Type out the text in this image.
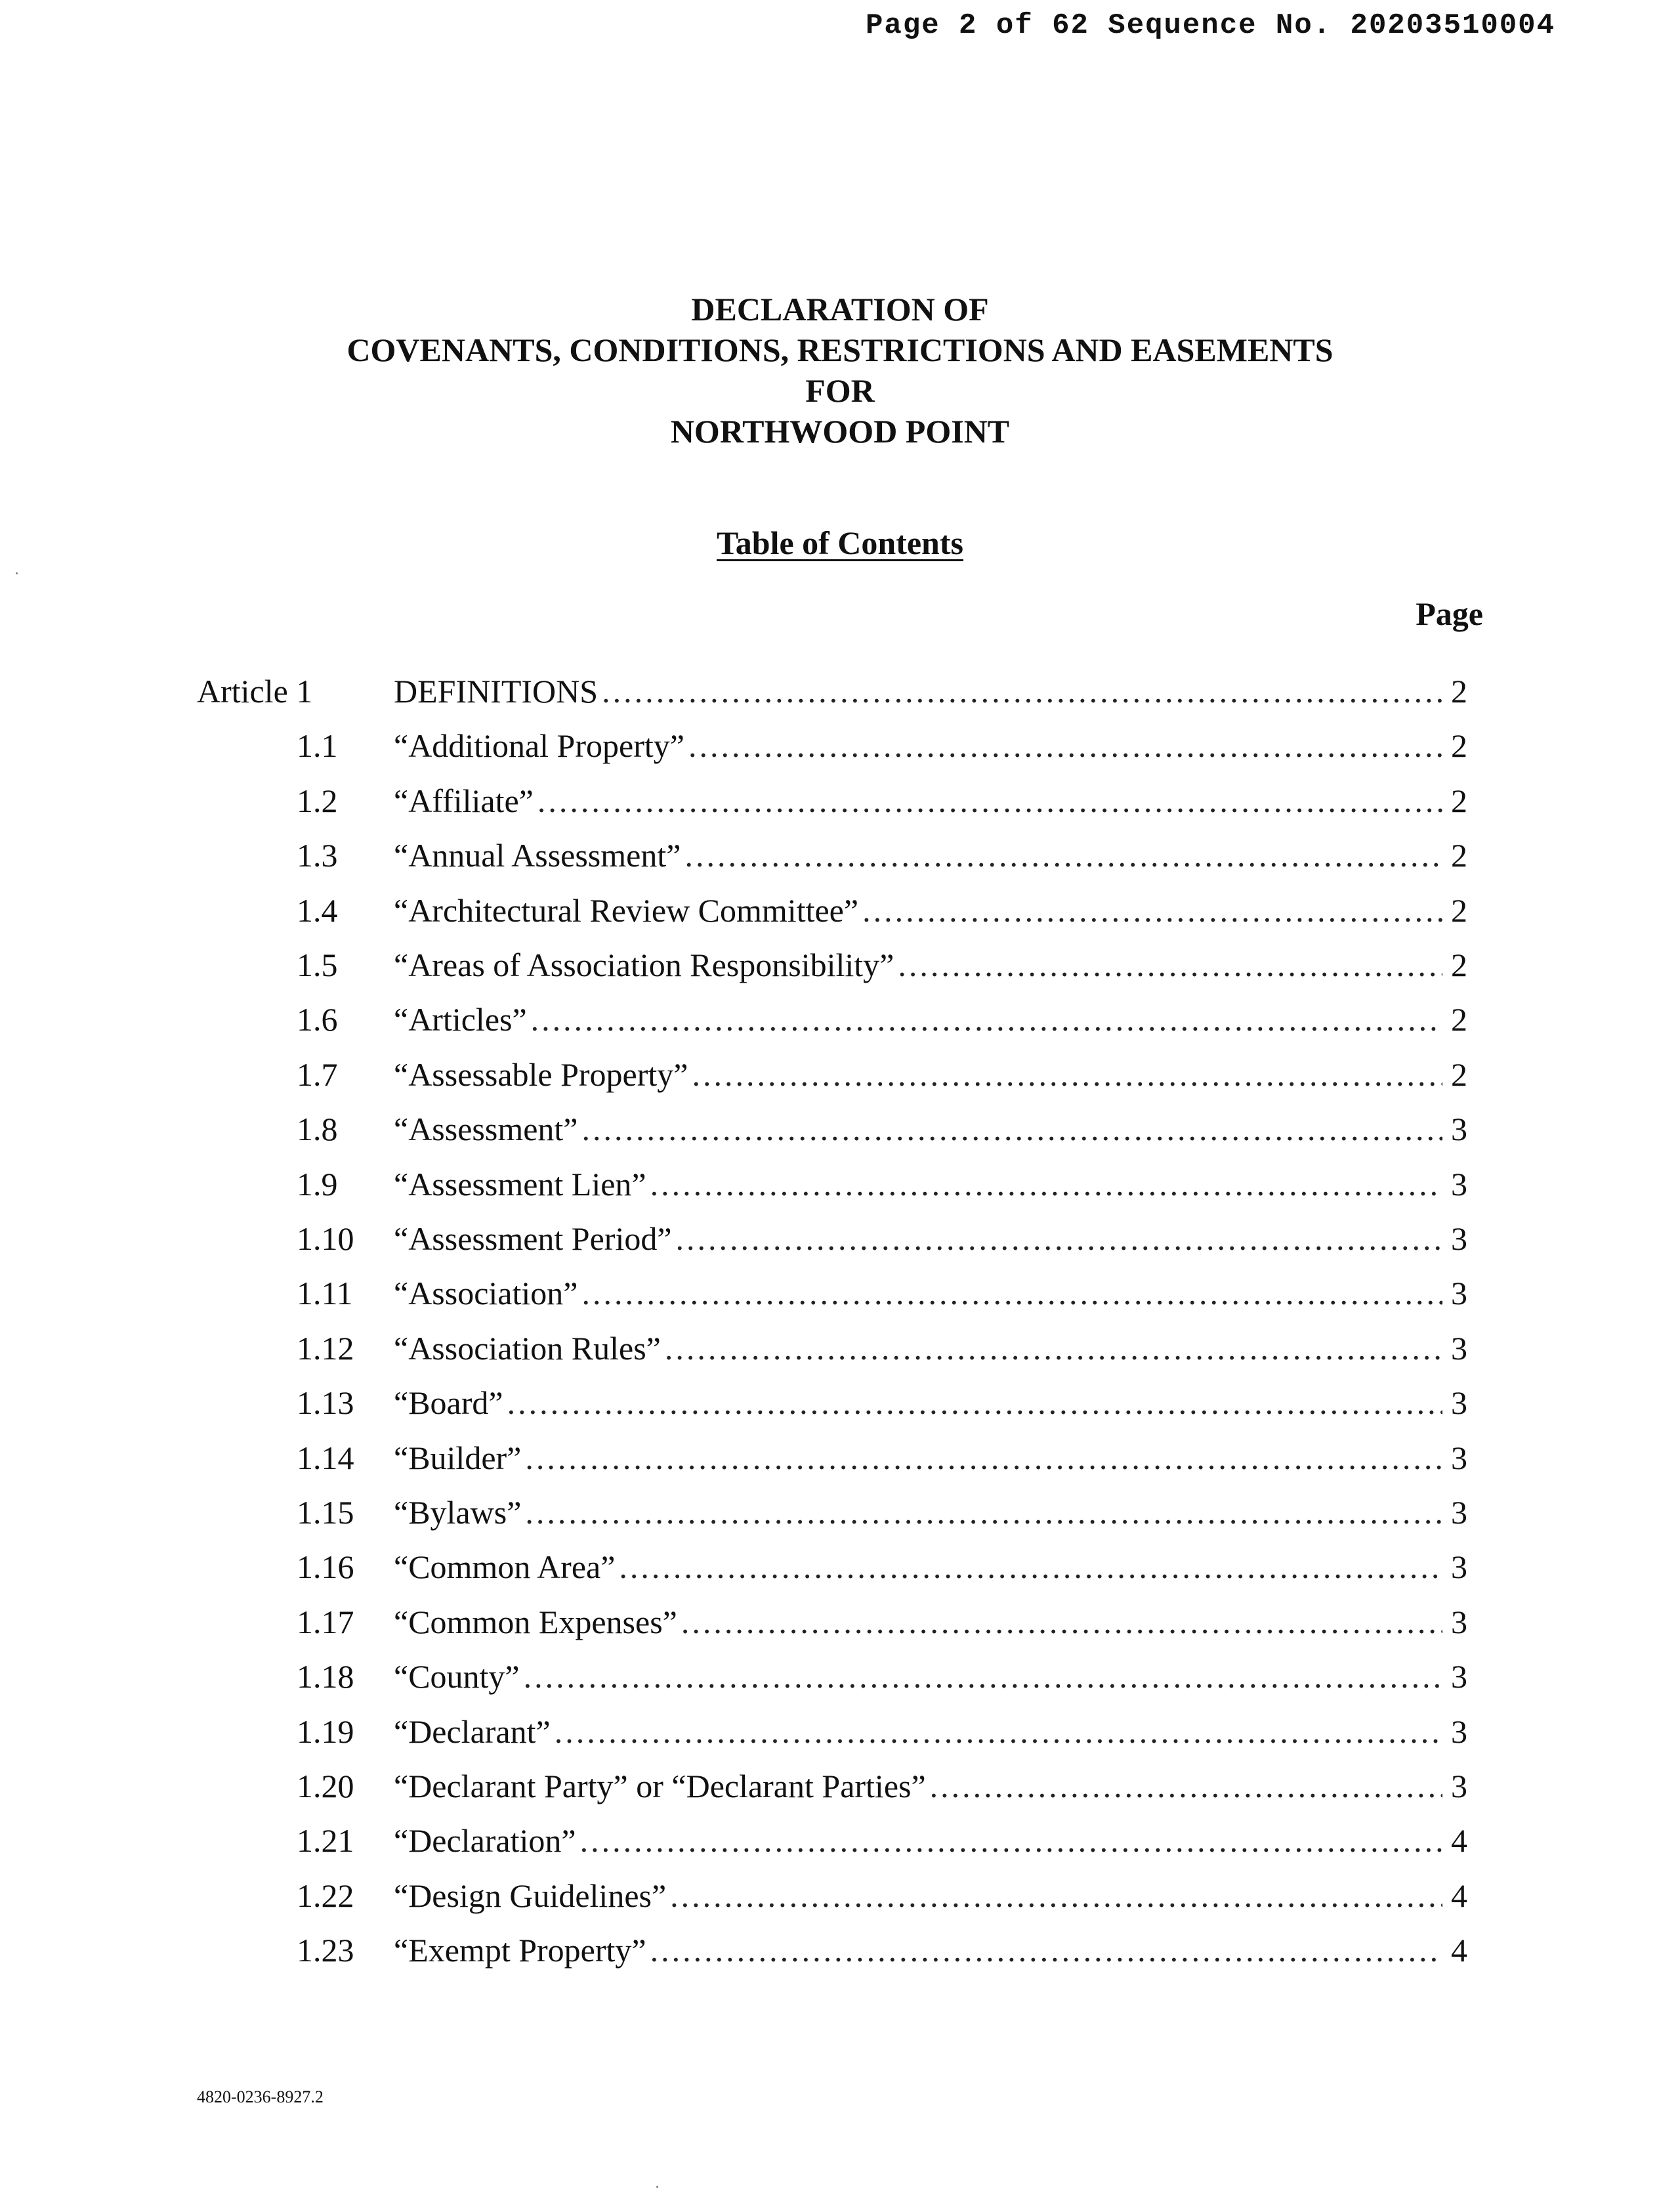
Page 2 of 62 Sequence No. 20203510004
DECLARATION OF
COVENANTS, CONDITIONS, RESTRICTIONS AND EASEMENTS
FOR
NORTHWOOD POINT
Table of Contents
Page
Article 1 DEFINITIONS .....	2
1.1 “Additional Property” .....	2
1.2 “Affiliate” .....	2
1.3 “Annual Assessment” .....	2
1.4 “Architectural Review Committee” .....	2
1.5 “Areas of Association Responsibility” .....	2
1.6 “Articles” .....	2
1.7 “Assessable Property” .....	2
1.8 “Assessment” .....	3
1.9 “Assessment Lien” .....	3
1.10 “Assessment Period” .....	3
1.11 “Association” .....	3
1.12 “Association Rules” .....	3
1.13 “Board” .....	3
1.14 “Builder” .....	3
1.15 “Bylaws” .....	3
1.16 “Common Area” .....	3
1.17 “Common Expenses” .....	3
1.18 “County” .....	3
1.19 “Declarant” .....	3
1.20 “Declarant Party” or “Declarant Parties” .....	3
1.21 “Declaration” .....	4
1.22 “Design Guidelines” .....	4
1.23 “Exempt Property” .....	4
4820-0236-8927.2
